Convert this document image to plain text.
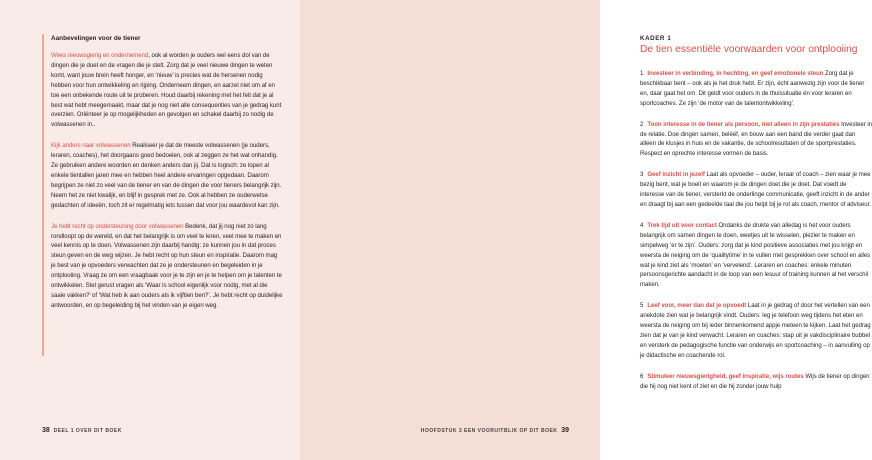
Aanbevelingen voor de tiener

Wees nieuwsgierig en ondernemend, ook al worden je ouders wel eens dol van de dingen die je doet en de vragen die je stelt. Zorg dat je veel nieuwe dingen te weten komt, want jouw brein heeft honger, en ‘nieuw’ is precies wat de hersenen nodig hebben voor hun ontwikkeling en rijping. Onderneem dingen, en aarzel niet om af en toe een onbekende route uit te proberen. Houd daarbij rekening met het feit dat je al best wat hebt meegemaakt, maar dat je nog niet alle consequenties van je gedrag kunt overzien. Oriënteer je op mogelijkheden en gevolgen en schakel daarbij zo nodig de volwassenen in..

Kijk anders naar volwassenen Realiseer je dat de meeste volwassenen (je ouders, leraren, coaches), het doorgaans goed bedoelen, ook al zeggen ze het wat onhandig. Ze gebruiken andere woorden en denken anders dan jij. Dat is logisch: ze lopen al enkele tientallen jaren mee en hebben heel andere ervaringen opgedaan. Daarom begrijpen ze niet zo veel van de tiener en van de dingen die voor tieners belangrijk zijn. Neem het ze niet kwalijk, en blijf in gesprek met ze. Ook al hebben ze ouderwetse gedachten of ideeën, toch zit er regelmatig iets tussen dat voor jou waardevol kan zijn.

Je hebt recht op ondersteuning door volwassenen Bedenk, dat jij nog niet zo lang rondloopt op de wereld, en dat het belangrijk is om veel te leren, veel mee te maken en veel kennis op te doen. Volwassenen zijn daarbij handig: ze kunnen jou in dat proces steun geven en de weg wijzen. Je hebt recht op hun steun en inspiratie. Daarom mag je best van je opvoeders verwachten dat ze je ondersteunen en begeleiden in je ontplooiing. Vraag ze om een vraagbaak voor je te zijn en je te helpen om je talenten te ontwikkelen. Stel gerust vragen als ‘Waar is school eigenlijk voor nodig, met al die saaie vakken?’ of ‘Wat heb ik aan ouders als ik vijftien ben?’. Je hebt recht op duidelijke antwoorden, en op begeleiding bij het vinden van je eigen weg.

38 DEEL 1 OVER DIT BOEK
KADER 1
De tien essentiële voorwaarden voor ontplooiing

1 Investeer in verbinding, in hechting, en geef emotionele steun Zorg dat je beschikbaar bent – ook als je het druk hebt. Er zijn, écht aanwezig zijn voor de tiener en, daar gaat het om. Dit geldt voor ouders in de thuissituatie én voor leraren en sportcoaches. Ze zijn ‘de motor van de talentontwikkeling’.

2 Toon interesse in de tiener als persoon, niet alleen in zijn prestaties Investeer in de relatie. Doe dingen samen, belééf, en bouw aan een band die verder gaat dan alleen de klusjes in huis en de vakantie, de schoolresultaten of de sportprestaties. Respect en oprechte interesse vormen de basis.

3 Geef inzicht in jezelf Laat als opvoeder – ouder, leraar of coach – zien waar je mee bezig bent, wat je boeit en waarom je de dingen doet die je doet. Dat voedt de interesse van de tiener, versterkt de onderlinge communicatie, geeft inzicht in de ander en draagt bij aan een gedeelde taal die jou helpt bij je rol als coach, mentor of adviseur.

4 Trek tijd uit voor contact Ondanks de drukte van alledag is het voor ouders belangrijk om samen dingen te doen, weetjes uit te wisselen, plezier te maken en simpelweg ‘er te zijn’. Ouders: zorg dat je kind positieve associaties met jou krijgt en weersta de neiging om de ‘qualitytime’ in te vullen met gesprekken over school en alles wat je kind ziet als ‘moeten’ en ‘vervelend’. Leraren en coaches: enkele minuten persoonsgerichte aandacht in de loop van een lesuur of training kunnen al het verschil maken.

5 Leef voor, meer dan dat je opvoedt Laat in je gedrag of door het vertellen van een anekdote zien wat je belangrijk vindt. Ouders: leg je telefoon weg tijdens het eten en weersta de neiging om bij ieder binnenkomend appje meteen te kijken. Laat het gedrag zien dat je van je kind verwacht. Leraren en coaches: stap uit je vakdisciplinaire bubbel en versterk de pedagogische functie van onderwijs en sportcoaching – in aanvulling op je didactische en coachende rol.

6 Stimuleer nieuwsgierigheid, geef inspiratie, wijs routes Wijs de tiener op dingen die hij nog niet kent of ziet en die hij zonder jouw hulp

HOOFDSTUK 3 EEN VOORUITBLIK OP DIT BOEK 39
